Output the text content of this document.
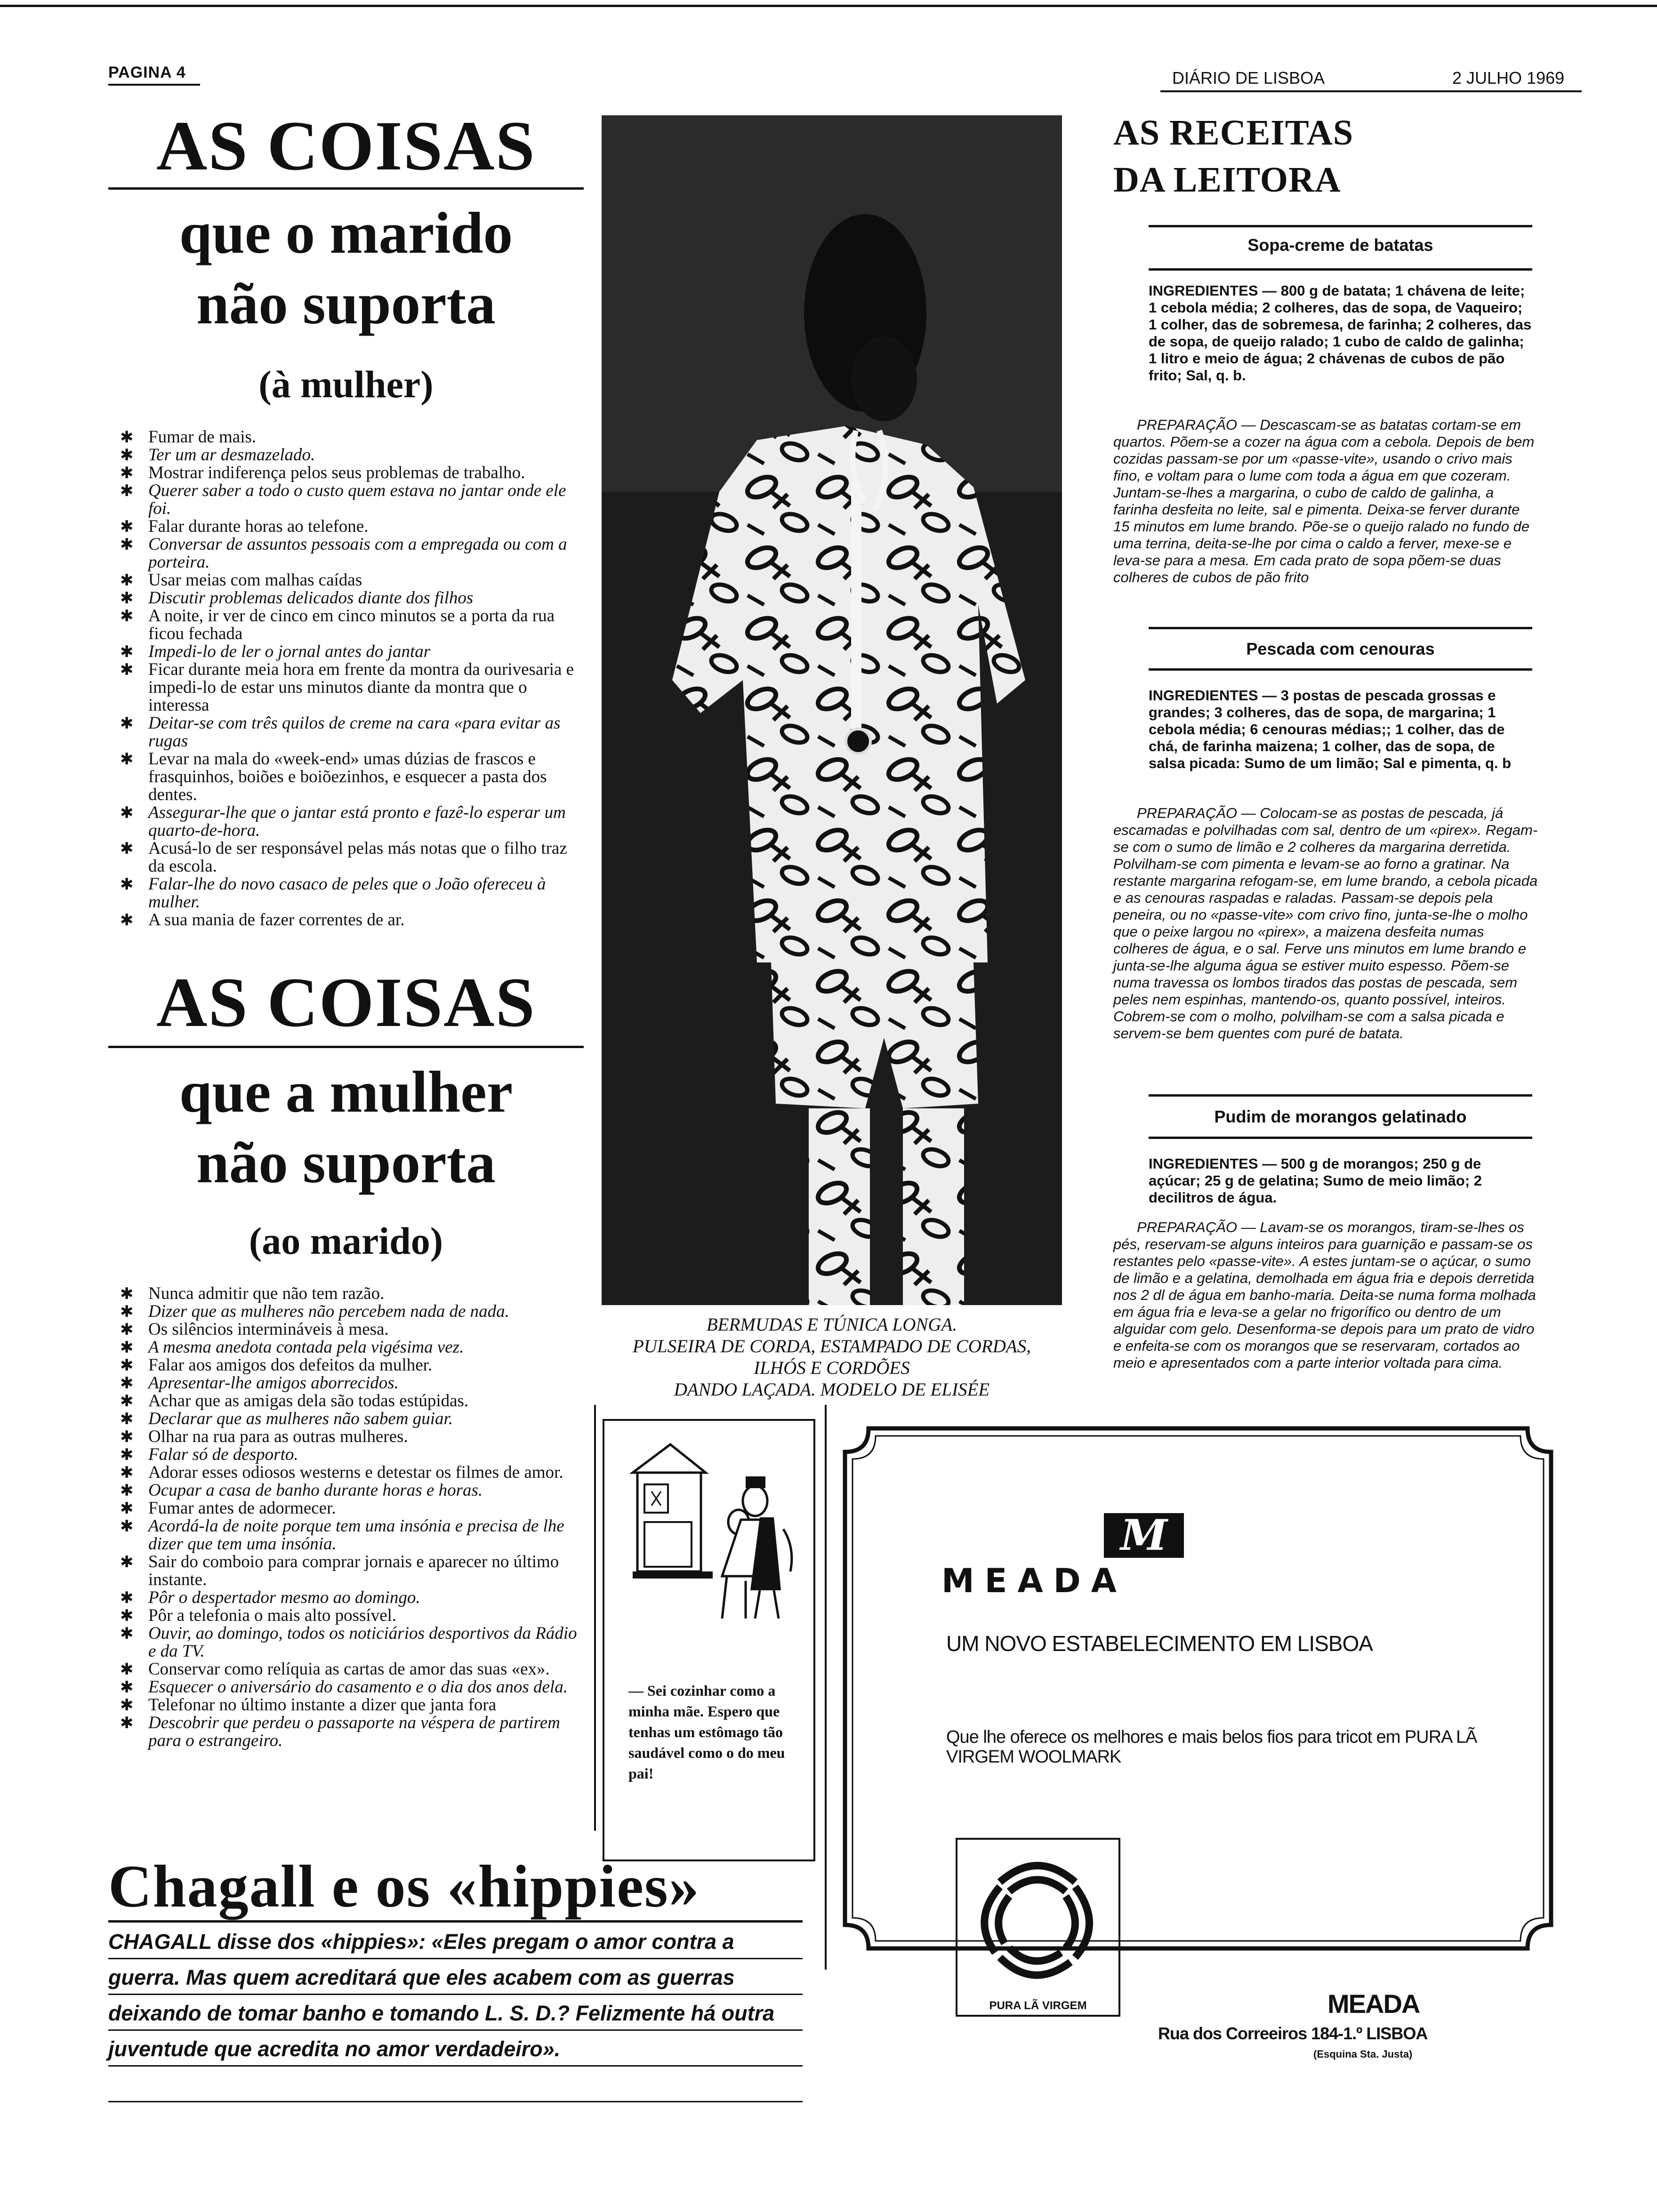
PAGINA 4	DIÁRIO DE LISBOA	2 JULHO 1969
AS COISAS
que o marido
não suporta
(à mulher)
✱ Fumar de mais.
✱ Ter um ar desmazelado.
✱ Mostrar indiferença pelos seus problemas de trabalho.
✱ Querer saber a todo o custo quem estava no jantar onde ele foi.
✱ Falar durante horas ao telefone.
✱ Conversar de assuntos pessoais com a empregada ou com a porteira.
✱ Usar meias com malhas caídas
✱ Discutir problemas delicados diante dos filhos
✱ A noite, ir ver de cinco em cinco minutos se a porta da rua ficou fechada
✱ Impedi-lo de ler o jornal antes do jantar
✱ Ficar durante meia hora em frente da montra da ourivesaria e impedi-lo de estar uns minutos diante da montra que o interessa
✱ Deitar-se com três quilos de creme na cara «para evitar as rugas
✱ Levar na mala do «week-end» umas dúzias de frascos e frasquinhos, boiões e boiõezinhos, e esquecer a pasta dos dentes.
✱ Assegurar-lhe que o jantar está pronto e fazê-lo esperar um quarto-de-hora.
✱ Acusá-lo de ser responsável pelas más notas que o filho traz da escola.
✱ Falar-lhe do novo casaco de peles que o João ofereceu à mulher.
✱ A sua mania de fazer correntes de ar.
AS COISAS
que a mulher
não suporta
(ao marido)
✱ Nunca admitir que não tem razão.
✱ Dizer que as mulheres não percebem nada de nada.
✱ Os silêncios intermináveis à mesa.
✱ A mesma anedota contada pela vigésima vez.
✱ Falar aos amigos dos defeitos da mulher.
✱ Apresentar-lhe amigos aborrecidos.
✱ Achar que as amigas dela são todas estúpidas.
✱ Declarar que as mulheres não sabem guiar.
✱ Olhar na rua para as outras mulheres.
✱ Falar só de desporto.
✱ Adorar esses odiosos westerns e detestar os filmes de amor.
✱ Ocupar a casa de banho durante horas e horas.
✱ Fumar antes de adormecer.
✱ Acordá-la de noite porque tem uma insónia e precisa de lhe dizer que tem uma insónia.
✱ Sair do comboio para comprar jornais e aparecer no último instante.
✱ Pôr o despertador mesmo ao domingo.
✱ Pôr a telefonia o mais alto possível.
✱ Ouvir, ao domingo, todos os noticiários desportivos da Rádio e da TV.
✱ Conservar como relíquia as cartas de amor das suas «ex».
✱ Esquecer o aniversário do casamento e o dia dos anos dela.
✱ Telefonar no último instante a dizer que janta fora
✱ Descobrir que perdeu o passaporte na véspera de partirem para o estrangeiro.
BERMUDAS E TÚNICA LONGA.
PULSEIRA DE CORDA, ESTAMPADO DE CORDAS,
ILHÓS E CORDÕES
DANDO LAÇADA. MODELO DE ELISÉE
AS RECEITAS
DA LEITORA
Sopa-creme de batatas
INGREDIENTES — 800 g de batata; 1 chávena de leite; 1 cebola média; 2 colheres, das de sopa, de Vaqueiro; 1 colher, das de sobremesa, de farinha; 2 colheres, das de sopa, de queijo ralado; 1 cubo de caldo de galinha; 1 litro e meio de água; 2 chávenas de cubos de pão frito; Sal, q. b.
PREPARAÇÃO — Descascam-se as batatas cortam-se em quartos. Põem-se a cozer na água com a cebola. Depois de bem cozidas passam-se por um «passe-vite», usando o crivo mais fino, e voltam para o lume com toda a água em que cozeram. Juntam-se-lhes a margarina, o cubo de caldo de galinha, a farinha desfeita no leite, sal e pimenta. Deixa-se ferver durante 15 minutos em lume brando. Põe-se o queijo ralado no fundo de uma terrina, deita-se-lhe por cima o caldo a ferver, mexe-se e leva-se para a mesa. Em cada prato de sopa põem-se duas colheres de cubos de pão frito
Pescada com cenouras
INGREDIENTES — 3 postas de pescada grossas e grandes; 3 colheres, das de sopa, de margarina; 1 cebola média; 6 cenouras médias;; 1 colher, das de chá, de farinha maizena; 1 colher, das de sopa, de salsa picada: Sumo de um limão; Sal e pimenta, q. b
PREPARAÇÃO — Colocam-se as postas de pescada, já escamadas e polvilhadas com sal, dentro de um «pirex». Regam-se com o sumo de limão e 2 colheres da margarina derretida. Polvilham-se com pimenta e levam-se ao forno a gratinar. Na restante margarina refogam-se, em lume brando, a cebola picada e as cenouras raspadas e raladas. Passam-se depois pela peneira, ou no «passe-vite» com crivo fino, junta-se-lhe o molho que o peixe largou no «pirex», a maizena desfeita numas colheres de água, e o sal. Ferve uns minutos em lume brando e junta-se-lhe alguma água se estiver muito espesso. Põem-se numa travessa os lombos tirados das postas de pescada, sem peles nem espinhas, mantendo-os, quanto possível, inteiros. Cobrem-se com o molho, polvilham-se com a salsa picada e servem-se bem quentes com puré de batata.
Pudim de morangos gelatinado
INGREDIENTES — 500 g de morangos; 250 g de açúcar; 25 g de gelatina; Sumo de meio limão; 2 decilitros de água.
PREPARAÇÃO — Lavam-se os morangos, tiram-se-lhes os pés, reservam-se alguns inteiros para guarnição e passam-se os restantes pelo «passe-vite». A estes juntam-se o açúcar, o sumo de limão e a gelatina, demolhada em água fria e depois derretida nos 2 dl de água em banho-maria. Deita-se numa forma molhada em água fria e leva-se a gelar no frigorífico ou dentro de um alguidar com gelo. Desenforma-se depois para um prato de vidro e enfeita-se com os morangos que se reservaram, cortados ao meio e apresentados com a parte interior voltada para cima.
— Sei cozinhar como a minha mãe. Espero que tenhas um estômago tão saudável como o do meu pai!
M
MEADA
UM NOVO ESTABELECIMENTO EM LISBOA
Que lhe oferece os melhores e mais belos fios para tricot em PURA LÃ VIRGEM WOOLMARK
PURA LÃ VIRGEM	MEADA
Rua dos Correeiros 184-1.º LISBOA
(Esquina Sta. Justa)
Chagall e os «hippies»
CHAGALL disse dos «hippies»: «Eles pregam o amor contra a guerra. Mas quem acreditará que eles acabem com as guerras deixando de tomar banho e tomando L. S. D.? Felizmente há outra juventude que acredita no amor verdadeiro».
